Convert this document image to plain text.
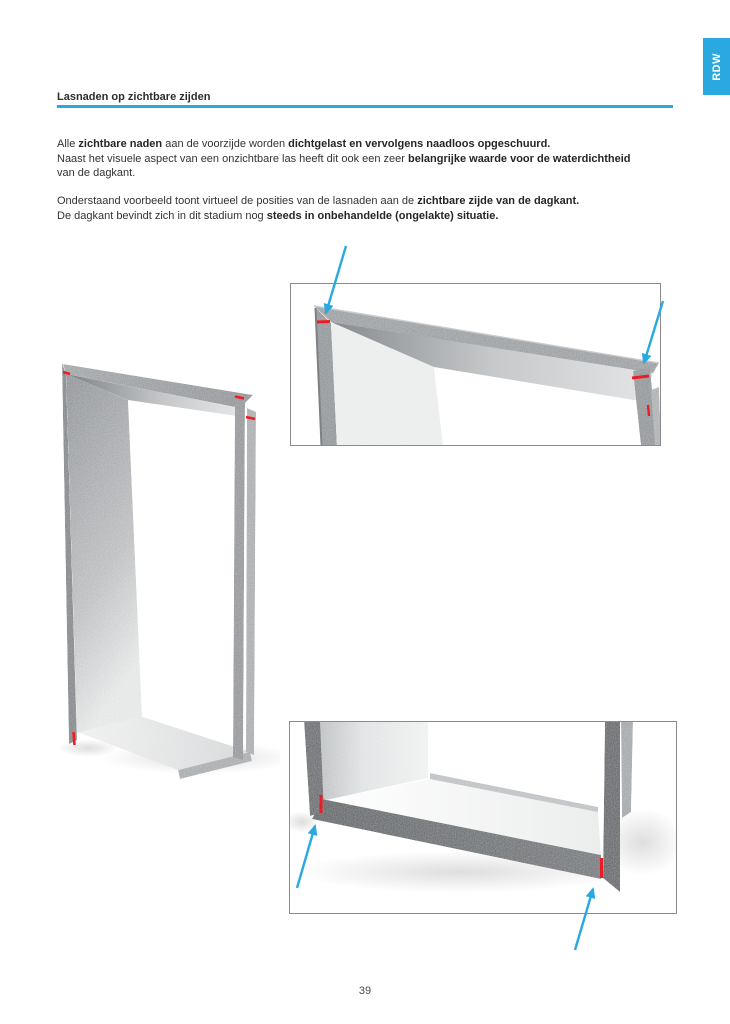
RDW
Lasnaden op zichtbare zijden
Alle zichtbare naden aan de voorzijde worden dichtgelast en vervolgens naadloos opgeschuurd.
Naast het visuele aspect van een onzichtbare las heeft dit ook een zeer belangrijke waarde voor de waterdichtheid
van de dagkant.
Onderstaand voorbeeld toont virtueel de posities van de lasnaden aan de zichtbare zijde van de dagkant.
De dagkant bevindt zich in dit stadium nog steeds in onbehandelde (ongelakte) situatie.
39
